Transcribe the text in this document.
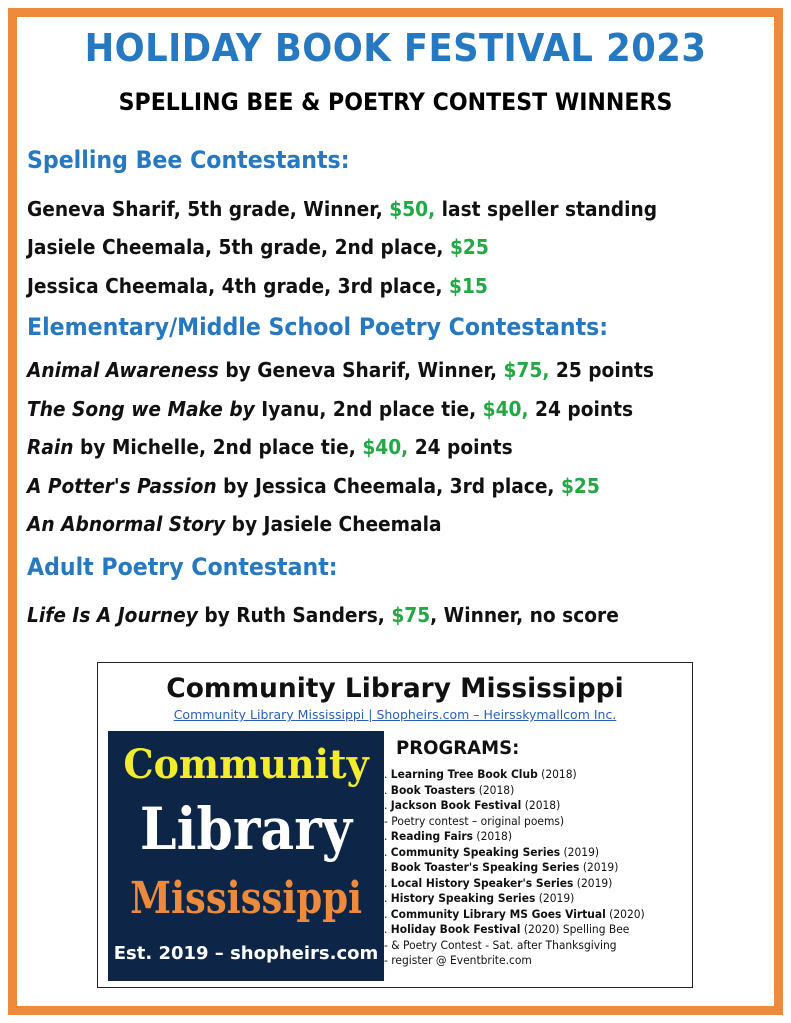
HOLIDAY BOOK FESTIVAL 2023
SPELLING BEE & POETRY CONTEST WINNERS
Spelling Bee Contestants:
Geneva Sharif, 5th grade, Winner, $50, last speller standing
Jasiele Cheemala, 5th grade, 2nd place, $25
Jessica Cheemala, 4th grade, 3rd place, $15
Elementary/Middle School Poetry Contestants:
Animal Awareness by Geneva Sharif, Winner, $75, 25 points
The Song we Make by Iyanu, 2nd place tie, $40, 24 points
Rain by Michelle, 2nd place tie, $40, 24 points
A Potter's Passion by Jessica Cheemala, 3rd place, $25
An Abnormal Story by Jasiele Cheemala
Adult Poetry Contestant:
Life Is A Journey by Ruth Sanders, $75, Winner, no score
Community Library Mississippi
Community Library Mississippi | Shopheirs.com – Heirsskymallcom Inc.
Community
Library
Mississippi
Est. 2019 – shopheirs.com
PROGRAMS:
. Learning Tree Book Club (2018)
. Book Toasters (2018)
. Jackson Book Festival (2018)
- Poetry contest – original poems)
. Reading Fairs (2018)
. Community Speaking Series (2019)
. Book Toaster's Speaking Series (2019)
. Local History Speaker's Series (2019)
. History Speaking Series (2019)
. Community Library MS Goes Virtual (2020)
. Holiday Book Festival (2020) Spelling Bee
- & Poetry Contest - Sat. after Thanksgiving
- register @ Eventbrite.com
